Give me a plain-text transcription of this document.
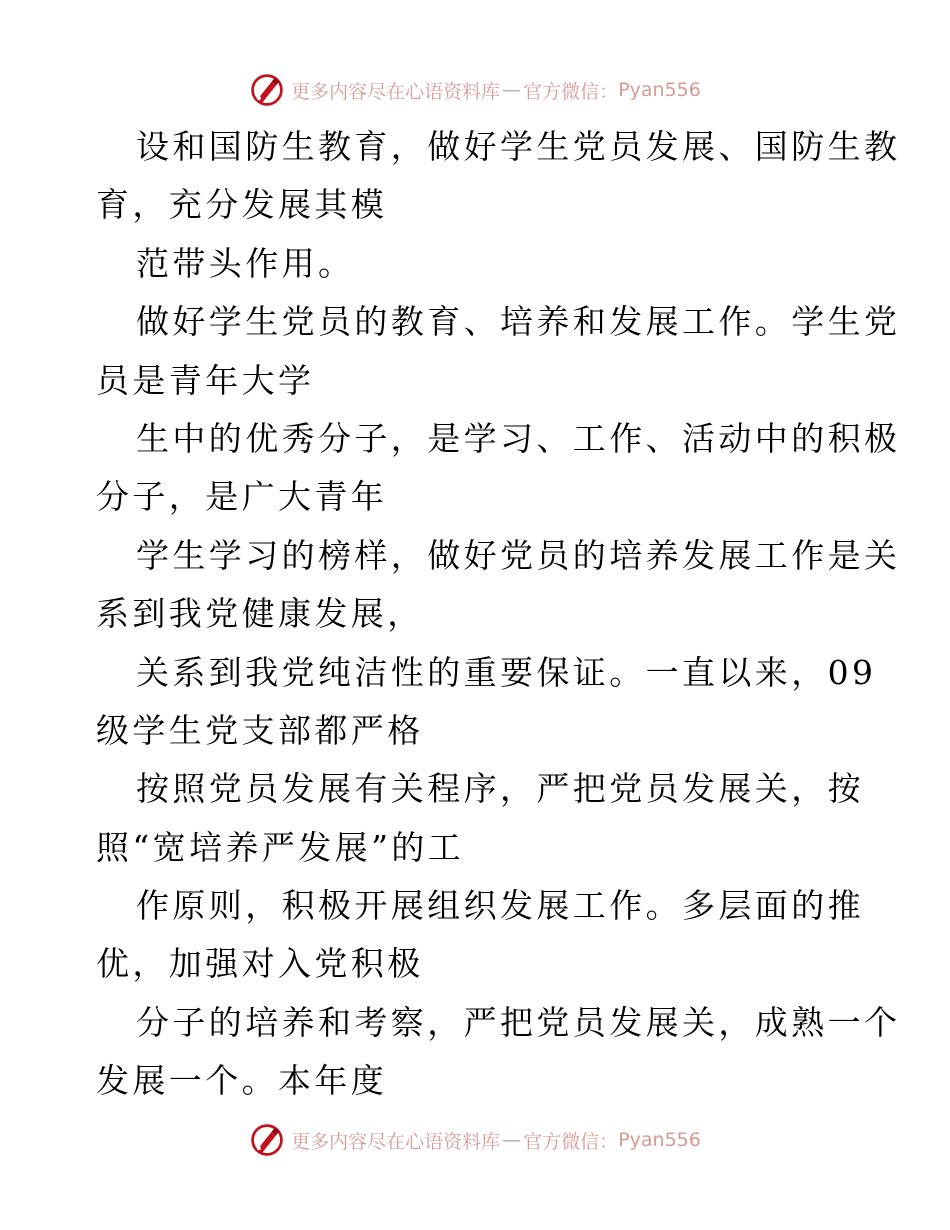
更多内容尽在心语资料库 — 官方微信： Pyan556
设和国防生教育，做好学生党员发展、国防生教
育，充分发展其模
范带头作用。
做好学生党员的教育、培养和发展工作。学生党
员是青年大学
生中的优秀分子，是学习、工作、活动中的积极
分子，是广大青年
学生学习的榜样，做好党员的培养发展工作是关
系到我党健康发展，
关系到我党纯洁性的重要保证。一直以来，09
级学生党支部都严格
按照党员发展有关程序，严把党员发展关，按
照“宽培养严发展”的工
作原则，积极开展组织发展工作。多层面的推
优，加强对入党积极
分子的培养和考察，严把党员发展关，成熟一个
发展一个。本年度
更多内容尽在心语资料库 — 官方微信： Pyan556
